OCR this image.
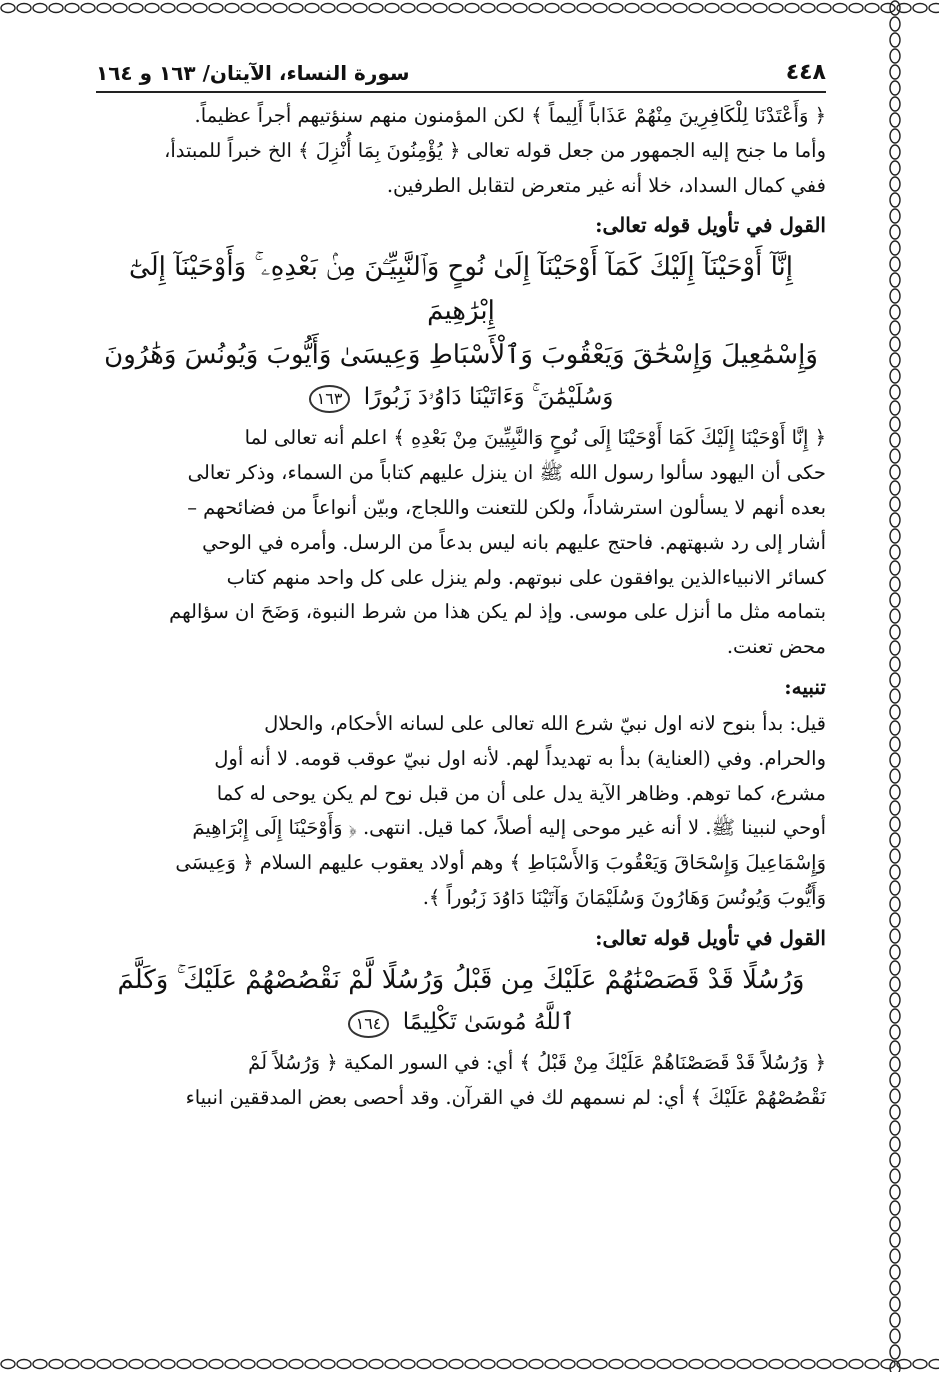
٤٤٨
سورة النساء، الآيتان/ ١٦٣ و ١٦٤

﴿ وَأَعْتَدْنَا لِلْكَافِرِينَ مِنْهُمْ عَذَاباً أَلِيماً ﴾ لكن المؤمنون منهم سنؤتيهم أجراً عظيماً.

وأما ما جنح إليه الجمهور من جعل قوله تعالى ﴿ يُؤْمِنُونَ بِمَا أُنْزِلَ ﴾ الخ خبراً للمبتدأ،

ففي كمال السداد، خلا أنه غير متعرض لتقابل الطرفين.

القول في تأويل قوله تعالى:

إِنَّآ أَوْحَيْنَآ إِلَيْكَ كَمَآ أَوْحَيْنَآ إِلَىٰ نُوحٍ وَٱلنَّبِيِّـۧنَ مِنۢ بَعْدِهِۦ ۚ وَأَوْحَيْنَآ إِلَىٰٓ إِبْرَٰهِيمَ

وَإِسْمَٰعِيلَ وَإِسْحَٰقَ وَيَعْقُوبَ وَٱلْأَسْبَاطِ وَعِيسَىٰ وَأَيُّوبَ وَيُونُسَ وَهَٰرُونَ

وَسُلَيْمَٰنَ ۚ وَءَاتَيْنَا دَاوُۥدَ زَبُورًا ١٦٣

﴿ إِنَّا أَوْحَيْنَا إِلَيْكَ كَمَا أَوْحَيْنَا إِلَى نُوحٍ وَالنَّبِيِّينَ مِنْ بَعْدِهِ ﴾ اعلم أنه تعالى لما

حكى أن اليهود سألوا رسول الله ﷺ ان ينزل عليهم كتاباً من السماء، وذكر تعالى

بعده أنهم لا يسألون استرشاداً، ولكن للتعنت واللجاج، وبيّن أنواعاً من فضائحهم –

أشار إلى رد شبهتهم. فاحتج عليهم بانه ليس بدعاً من الرسل. وأمره في الوحي

كسائر الانبياءالذين يوافقون على نبوتهم. ولم ينزل على كل واحد منهم كتاب

بتمامه مثل ما أنزل على موسى. وإذ لم يكن هذا من شرط النبوة، وَضَحَ ان سؤالهم

محض تعنت.

تنبيه:

قيل: بدأ بنوح لانه اول نبيّ شرع الله تعالى على لسانه الأحكام، والحلال

والحرام. وفي (العناية) بدأ به تهديداً لهم. لأنه اول نبيّ عوقب قومه. لا أنه أول

مشرع، كما توهم. وظاهر الآية يدل على أن من قبل نوح لم يكن يوحى له كما

أوحي لنبينا ﷺ. لا أنه غير موحى إليه أصلاً، كما قيل. انتهى. ﴿ وَأَوْحَيْنَا إِلَى إِبْرَاهِيمَ

وَإِسْمَاعِيلَ وَإِسْحَاقَ وَيَعْقُوبَ وَالأَسْبَاطِ ﴾ وهم أولاد يعقوب عليهم السلام ﴿ وَعِيسَى

وَأَيُّوبَ وَيُونُسَ وَهَارُونَ وَسُلَيْمَانَ وَآتَيْنَا دَاوُدَ زَبُوراً ﴾.

القول في تأويل قوله تعالى:

وَرُسُلًا قَدْ قَصَصْنَٰهُمْ عَلَيْكَ مِن قَبْلُ وَرُسُلًا لَّمْ نَقْصُصْهُمْ عَلَيْكَ ۚ وَكَلَّمَ

ٱللَّهُ مُوسَىٰ تَكْلِيمًا ١٦٤

﴿ وَرُسُلاً قَدْ قَصَصْنَاهُمْ عَلَيْكَ مِنْ قَبْلُ ﴾ أي: في السور المكية ﴿ وَرُسُلاً لَمْ

نَقْصُصْهُمْ عَلَيْكَ ﴾ أي: لم نسمهم لك في القرآن. وقد أحصى بعض المدققين انبياء
